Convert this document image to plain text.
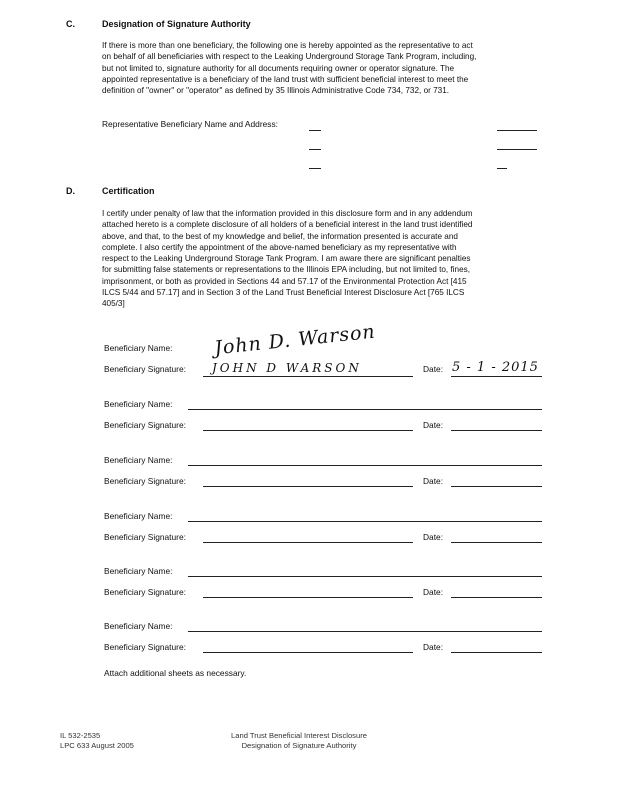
C.	Designation of Signature Authority
If there is more than one beneficiary, the following one is hereby appointed as the representative to act
on behalf of all beneficiaries with respect to the Leaking Underground Storage Tank Program, including,
but not limited to, signature authority for all documents requiring owner or operator signature. The
appointed representative is a beneficiary of the land trust with sufficient beneficial interest to meet the
definition of "owner" or "operator" as defined by 35 Illinois Administrative Code 734, 732, or 731.
Representative Beneficiary Name and Address:
D.	Certification
I certify under penalty of law that the information provided in this disclosure form and in any addendum
attached hereto is a complete disclosure of all holders of a beneficial interest in the land trust identified
above, and that, to the best of my knowledge and belief, the information presented is accurate and
complete. I also certify the appointment of the above-named beneficiary as my representative with
respect to the Leaking Underground Storage Tank Program. I am aware there are significant penalties
for submitting false statements or representations to the Illinois EPA including, but not limited to, fines,
imprisonment, or both as provided in Sections 44 and 57.17 of the Environmental Protection Act [415
ILCS 5/44 and 57.17] and in Section 3 of the Land Trust Beneficial Interest Disclosure Act [765 ILCS
405/3]
Beneficiary Name: John D. Warson
Beneficiary Signature: JOHN D WARSON	Date: 5 - 1 - 2015
Beneficiary Name:
Beneficiary Signature:	Date:
Beneficiary Name:
Beneficiary Signature:	Date:
Beneficiary Name:
Beneficiary Signature:	Date:
Beneficiary Name:
Beneficiary Signature:	Date:
Beneficiary Name:
Beneficiary Signature:	Date:
Attach additional sheets as necessary.
IL 532-2535
LPC 633 August 2005
Land Trust Beneficial Interest Disclosure
Designation of Signature Authority
